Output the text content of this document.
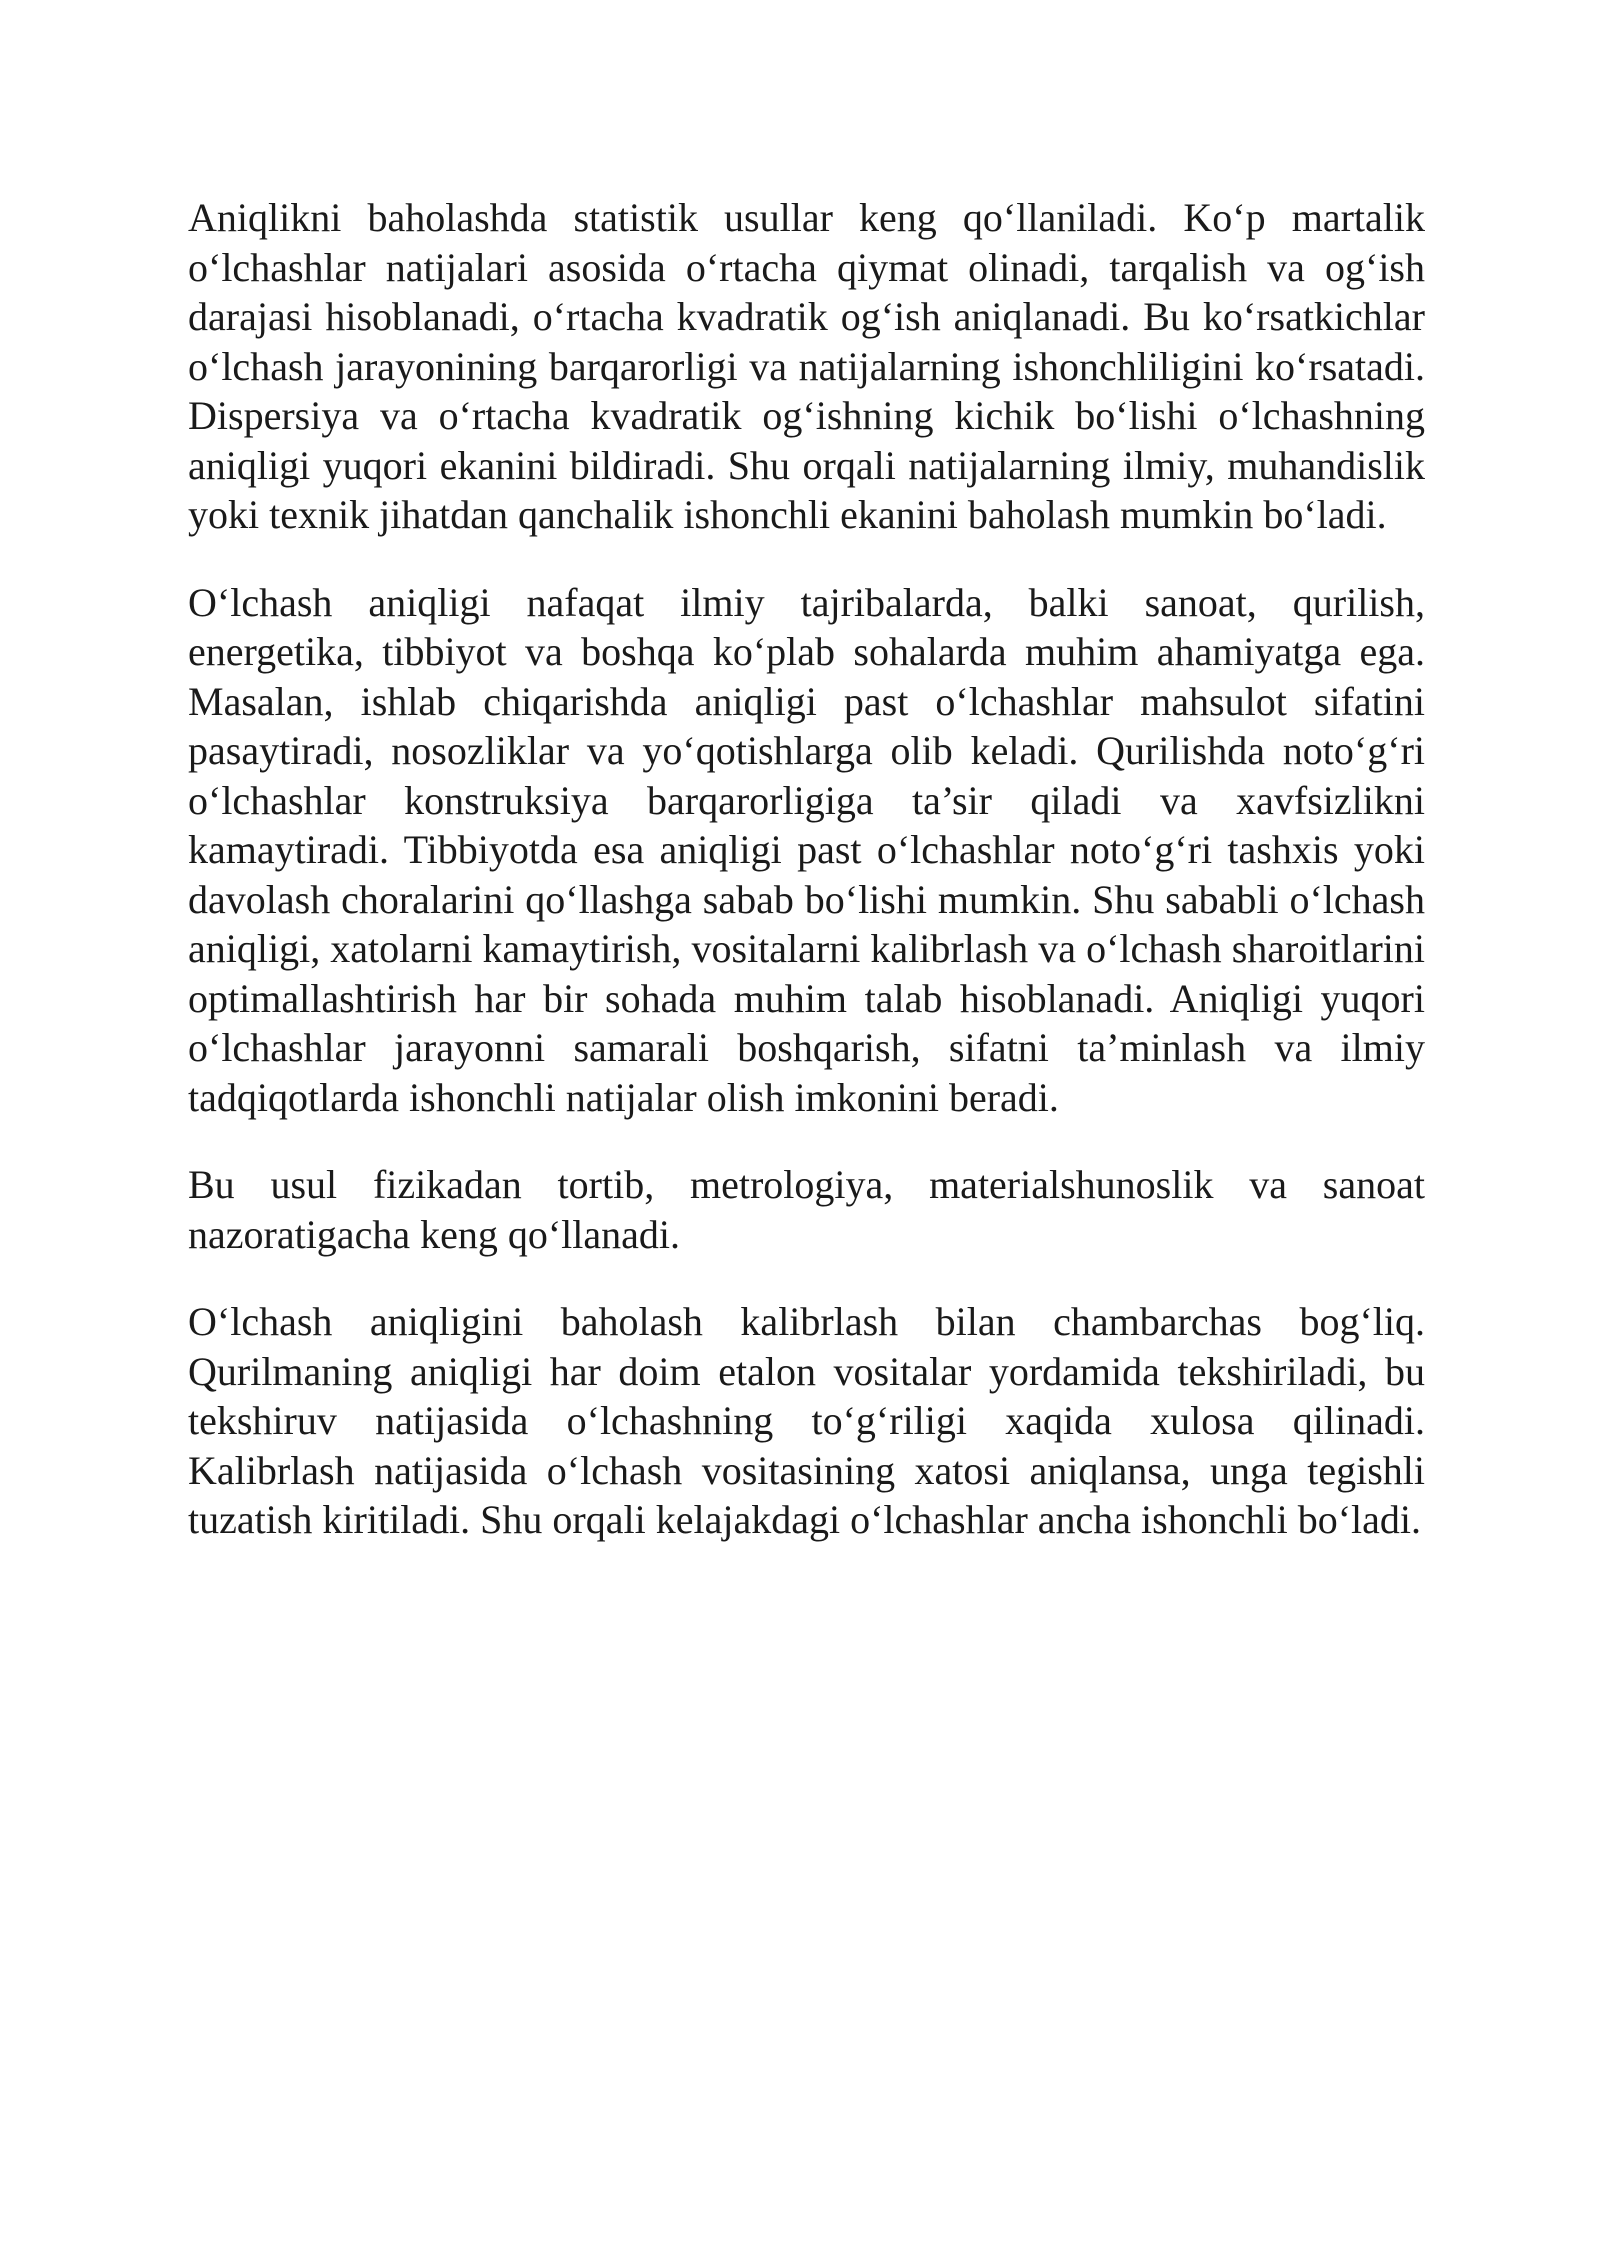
Aniqlikni baholashda statistik usullar keng qo‘llaniladi. Ko‘p martalik o‘lchashlar natijalari asosida o‘rtacha qiymat olinadi, tarqalish va og‘ish darajasi hisoblanadi, o‘rtacha kvadratik og‘ish aniqlanadi. Bu ko‘rsatkichlar o‘lchash jarayonining barqarorligi va natijalarning ishonchliligini ko‘rsatadi. Dispersiya va o‘rtacha kvadratik og‘ishning kichik bo‘lishi o‘lchashning aniqligi yuqori ekanini bildiradi. Shu orqali natijalarning ilmiy, muhandislik yoki texnik jihatdan qanchalik ishonchli ekanini baholash mumkin bo‘ladi.

O‘lchash aniqligi nafaqat ilmiy tajribalarda, balki sanoat, qurilish, energetika, tibbiyot va boshqa ko‘plab sohalarda muhim ahamiyatga ega. Masalan, ishlab chiqarishda aniqligi past o‘lchashlar mahsulot sifatini pasaytiradi, nosozliklar va yo‘qotishlarga olib keladi. Qurilishda noto‘g‘ri o‘lchashlar konstruksiya barqarorligiga ta’sir qiladi va xavfsizlikni kamaytiradi. Tibbiyotda esa aniqligi past o‘lchashlar noto‘g‘ri tashxis yoki davolash choralarini qo‘llashga sabab bo‘lishi mumkin. Shu sababli o‘lchash aniqligi, xatolarni kamaytirish, vositalarni kalibrlash va o‘lchash sharoitlarini optimallashtirish har bir sohada muhim talab hisoblanadi. Aniqligi yuqori o‘lchashlar jarayonni samarali boshqarish, sifatni ta’minlash va ilmiy tadqiqotlarda ishonchli natijalar olish imkonini beradi.

Bu usul fizikadan tortib, metrologiya, materialshunoslik va sanoat nazoratigacha keng qo‘llanadi.

O‘lchash aniqligini baholash kalibrlash bilan chambarchas bog‘liq. Qurilmaning aniqligi har doim etalon vositalar yordamida tekshiriladi, bu tekshiruv natijasida o‘lchashning to‘g‘riligi xaqida xulosa qilinadi. Kalibrlash natijasida o‘lchash vositasining xatosi aniqlansa, unga tegishli tuzatish kiritiladi. Shu orqali kelajakdagi o‘lchashlar ancha ishonchli bo‘ladi.
